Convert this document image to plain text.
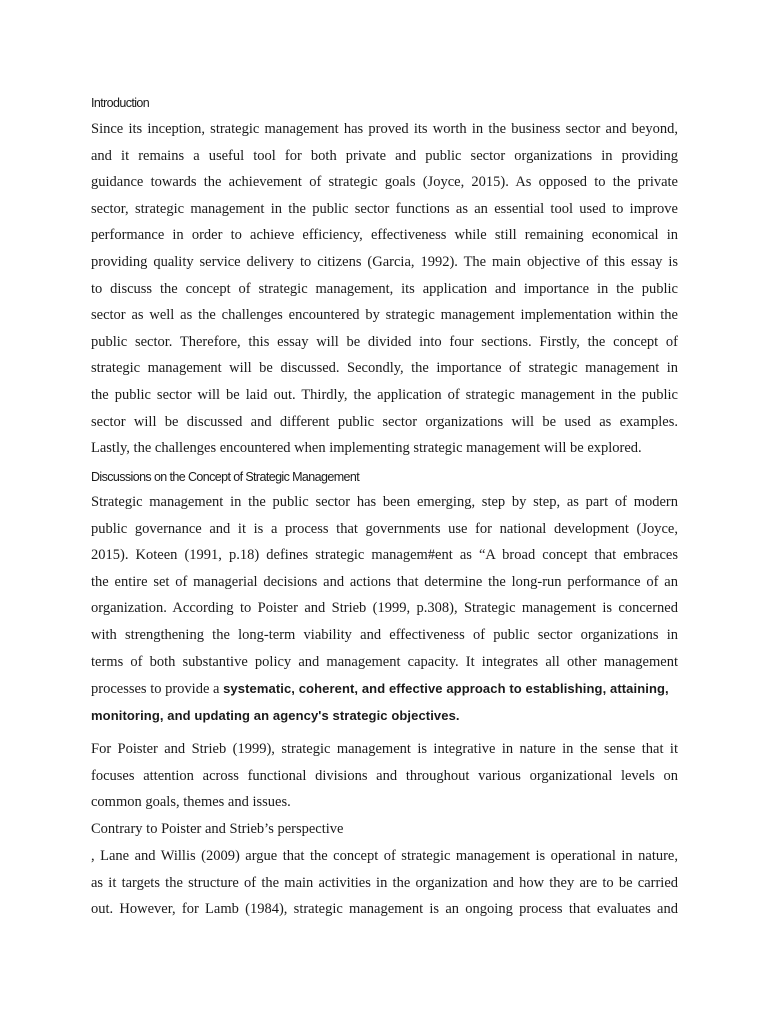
Introduction
Since its inception, strategic management has proved its worth in the business sector and beyond,
and it remains a useful tool for both private and public sector organizations in providing
guidance towards the achievement of strategic goals (Joyce, 2015). As opposed to the private
sector, strategic management in the public sector functions as an essential tool used to improve
performance in order to achieve efficiency, effectiveness while still remaining economical in
providing quality service delivery to citizens (Garcia, 1992). The main objective of this essay is
to discuss the concept of strategic management, its application and importance in the public
sector as well as the challenges encountered by strategic management implementation within the
public sector. Therefore, this essay will be divided into four sections. Firstly, the concept of
strategic management will be discussed. Secondly, the importance of strategic management in
the public sector will be laid out. Thirdly, the application of strategic management in the public
sector will be discussed and different public sector organizations will be used as examples.
Lastly, the challenges encountered when implementing strategic management will be explored.
Discussions on the Concept of Strategic Management
Strategic management in the public sector has been emerging, step by step, as part of modern
public governance and it is a process that governments use for national development (Joyce,
2015). Koteen (1991, p.18) defines strategic managem#ent as “A broad concept that embraces
the entire set of managerial decisions and actions that determine the long-run performance of an
organization. According to Poister and Strieb (1999, p.308), Strategic management is concerned
with strengthening the long-term viability and effectiveness of public sector organizations in
terms of both substantive policy and management capacity. It integrates all other management
processes to provide a systematic, coherent, and effective approach to establishing, attaining,
monitoring, and updating an agency's strategic objectives.
For Poister and Strieb (1999), strategic management is integrative in nature in the sense that it
focuses attention across functional divisions and throughout various organizational levels on
common goals, themes and issues.
Contrary to Poister and Strieb’s perspective
, Lane and Willis (2009) argue that the concept of strategic management is operational in nature,
as it targets the structure of the main activities in the organization and how they are to be carried
out. However, for Lamb (1984), strategic management is an ongoing process that evaluates and
